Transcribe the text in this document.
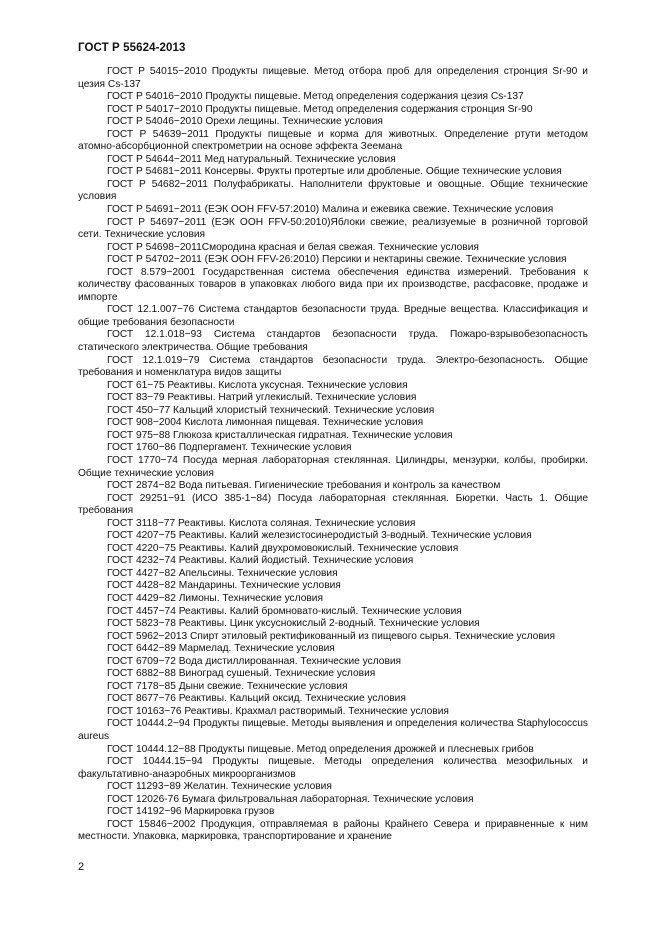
ГОСТ Р 55624-2013

ГОСТ Р 54015−2010 Продукты пищевые. Метод отбора проб для определения стронция Sr-90 и цезия Cs-137

ГОСТ Р 54016−2010 Продукты пищевые. Метод определения содержания цезия Cs-137

ГОСТ Р 54017−2010 Продукты пищевые. Метод определения содержания стронция Sr-90

ГОСТ Р 54046−2010 Орехи лещины. Технические условия

ГОСТ Р 54639−2011 Продукты пищевые и корма для животных. Определение ртути методом атомно-абсорбционной спектрометрии на основе эффекта Зеемана

ГОСТ Р 54644−2011 Мед натуральный. Технические условия

ГОСТ Р 54681−2011 Консервы. Фрукты протертые или дробленые. Общие технические условия

ГОСТ Р 54682−2011 Полуфабрикаты. Наполнители фруктовые и овощные. Общие технические условия

ГОСТ Р 54691−2011 (ЕЭК ООН FFV-57:2010) Малина и ежевика свежие. Технические условия

ГОСТ Р 54697−2011 (ЕЭК ООН FFV-50:2010)Яблоки свежие, реализуемые в розничной торговой сети. Технические условия

ГОСТ Р 54698−2011Смородина красная и белая свежая. Технические условия

ГОСТ Р 54702−2011 (ЕЭК ООН FFV-26:2010) Персики и нектарины свежие. Технические условия

ГОСТ 8.579−2001 Государственная система обеспечения единства измерений. Требования к количеству фасованных товаров в упаковках любого вида при их производстве, расфасовке, продаже и импорте

ГОСТ 12.1.007−76 Система стандартов безопасности труда. Вредные вещества. Классификация и общие требования безопасности

ГОСТ 12.1.018−93 Система стандартов безопасности труда. Пожаро-взрывобезопасность статического электричества. Общие требования

ГОСТ 12.1.019−79 Система стандартов безопасности труда. Электро-безопасность. Общие требования и номенклатура видов защиты

ГОСТ 61−75 Реактивы. Кислота уксусная. Технические условия

ГОСТ 83−79 Реактивы. Натрий углекислый. Технические условия

ГОСТ 450−77 Кальций хлористый технический. Технические условия

ГОСТ 908−2004 Кислота лимонная пищевая. Технические условия

ГОСТ 975−88 Глюкоза кристаллическая гидратная. Технические условия

ГОСТ 1760−86 Подпергамент. Технические условия

ГОСТ 1770−74 Посуда мерная лабораторная стеклянная. Цилиндры, мензурки, колбы, пробирки. Общие технические условия

ГОСТ 2874−82 Вода питьевая. Гигиенические требования и контроль за качеством

ГОСТ 29251−91 (ИСО 385-1−84) Посуда лабораторная стеклянная. Бюретки. Часть 1. Общие требования

ГОСТ 3118−77 Реактивы. Кислота соляная. Технические условия

ГОСТ 4207−75 Реактивы. Калий железистосинеродистый 3-водный. Технические условия

ГОСТ 4220−75 Реактивы. Калий двухромовокислый. Технические условия

ГОСТ 4232−74 Реактивы. Калий йодистый. Технические условия

ГОСТ 4427−82 Апельсины. Технические условия

ГОСТ 4428−82 Мандарины. Технические условия

ГОСТ 4429−82 Лимоны. Технические условия

ГОСТ 4457−74 Реактивы. Калий бромновато-кислый. Технические условия

ГОСТ 5823−78 Реактивы. Цинк уксуснокислый 2-водный. Технические условия

ГОСТ 5962−2013 Спирт этиловый ректификованный из пищевого сырья. Технические условия

ГОСТ 6442−89 Мармелад. Технические условия

ГОСТ 6709−72 Вода дистиллированная. Технические условия

ГОСТ 6882−88 Виноград сушеный. Технические условия

ГОСТ 7178−85 Дыни свежие. Технические условия

ГОСТ 8677−76 Реактивы. Кальций оксид. Технические условия

ГОСТ 10163−76 Реактивы. Крахмал растворимый. Технические условия

ГОСТ 10444.2−94 Продукты пищевые. Методы выявления и определения количества Staphylococcus aureus

ГОСТ 10444.12−88 Продукты пищевые. Метод определения дрожжей и плесневых грибов

ГОСТ 10444.15−94 Продукты пищевые. Методы определения количества мезофильных и факультативно-анаэробных микроорганизмов

ГОСТ 11293−89 Желатин. Технические условия

ГОСТ 12026-76 Бумага фильтровальная лабораторная. Технические условия

ГОСТ 14192−96 Маркировка грузов

ГОСТ 15846−2002 Продукция, отправляемая в районы Крайнего Севера и приравненные к ним местности. Упаковка, маркировка, транспортирование и хранение

2
